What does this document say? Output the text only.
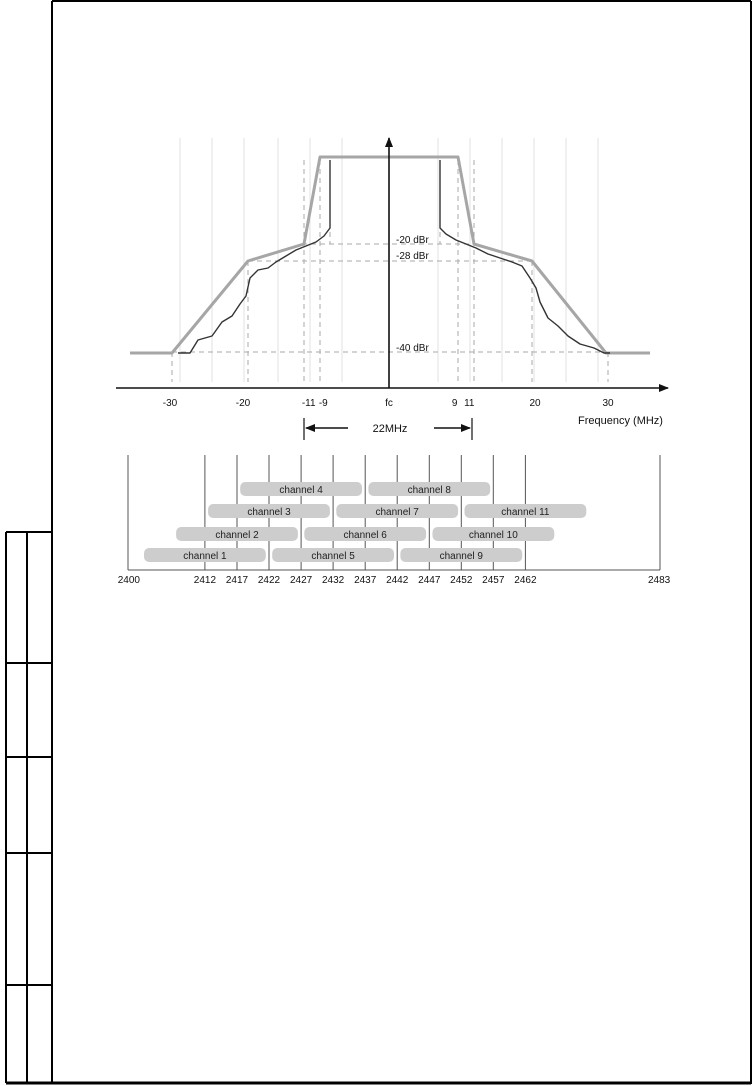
-20 dBr
-28 dBr
-40 dBr
-30	-20	-11 -9	9 11	20	30
fc
Frequency (MHz)
22MHz
channel 4	channel 8
channel 3	channel 7	channel 11
channel 2	channel 6	channel 10
channel 1	channel 5	channel 9
2400	2412 2417 2422 2427 2432 2437 2442 2447 2452 2457 2462	2483
